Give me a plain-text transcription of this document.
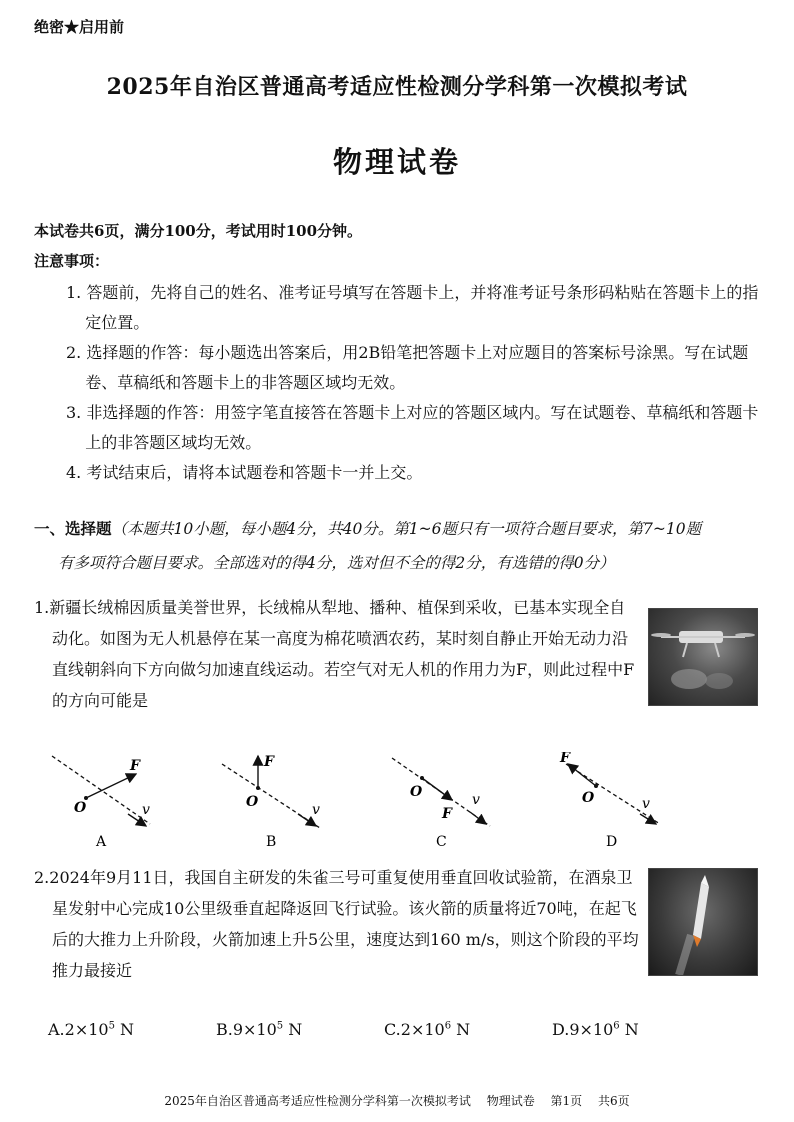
绝密★启用前
2025年自治区普通高考适应性检测分学科第一次模拟考试
物理试卷
本试卷共6页，满分100分，考试用时100分钟。
注意事项：

1. 答题前，先将自己的姓名、准考证号填写在答题卡上，并将准考证号条形码粘贴在答题卡上的指定位置。

2. 选择题的作答：每小题选出答案后，用2B铅笔把答题卡上对应题目的答案标号涂黑。写在试题卷、草稿纸和答题卡上的非答题区域均无效。

3. 非选择题的作答：用签字笔直接答在答题卡上对应的答题区域内。写在试题卷、草稿纸和答题卡上的非答题区域均无效。

4. 考试结束后，请将本试题卷和答题卡一并上交。

一、选择题（本题共10小题，每小题4分，共40分。第1~6题只有一项符合题目要求，第7~10题
有多项符合题目要求。全部选对的得4分，选对但不全的得2分，有选错的得0分）

1.新疆长绒棉因质量美誉世界，长绒棉从犁地、播种、植保到采收，已基本实现全自动化。如图为无人机悬停在某一高度为棉花喷洒农药，某时刻自静止开始无动力沿直线朝斜向下方向做匀加速直线运动。若空气对无人机的作用力为F，则此过程中F的方向可能是

F
O	v
A
F
O	v
B
O
F
v
C
F
O	v
D

2.2024年9月11日，我国自主研发的朱雀三号可重复使用垂直回收试验箭，在酒泉卫星发射中心完成10公里级垂直起降返回飞行试验。该火箭的质量将近70吨，在起飞后的大推力上升阶段，火箭加速上升5公里，速度达到160 m/s，则这个阶段的平均推力最接近

$A.2\times 10^5$ N	$B.9\times 10^5$ N	$C.2\times 10^6$ N	$D.9\times 10^6$ N
2025年自治区普通高考适应性检测分学科第一次模拟考试 物理试卷 第1页 共6页
